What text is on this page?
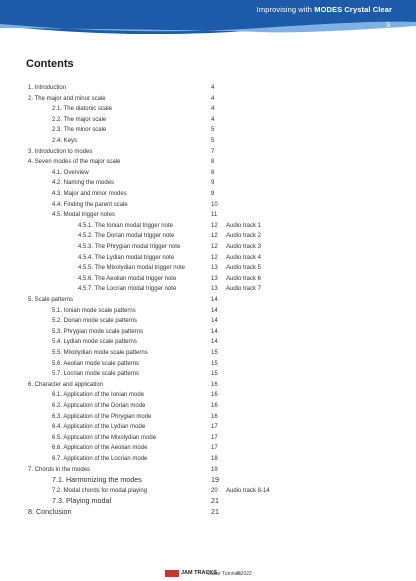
Improvising with MODES Crystal Clear
3
Contents
1. Introduction	4
2. The major and minor scale	4
2.1. The diatonic scale	4
2.2. The major scale	4
2.3. The minor scale	5
2.4. Keys	5
3. Introduction to modes	7
4. Seven modes of the major scale	8
4.1. Overview	8
4.2. Naming the modes	9
4.3. Major and minor modes	9
4.4. Finding the parent scale	10
4.5. Modal trigger notes	11
4.5.1. The Ionian modal trigger note	12 Audio track 1
4.5.2. The Dorian modal trigger note	12 Audio track 2
4.5.3. The Phrygian modal trigger note	12 Audio track 3
4.5.4. The Lydian modal trigger note	12 Audio track 4
4.5.5. The Mixolydian modal trigger note	13 Audio track 5
4.5.6. The Aeolian modal trigger note	13 Audio track 6
4.5.7. The Locrian modal trigger note	13 Audio track 7
5. Scale patterns	14
5.1. Ionian mode scale patterns	14
5.2. Dorian mode scale patterns	14
5.3. Phrygian mode scale patterns	14
5.4. Lydian mode scale patterns	14
5.5. Mixolydian mode scale patterns	15
5.6. Aeolian mode scale patterns	15
5.7. Locrian mode scale patterns	15
6. Character and application	16
6.1. Application of the Ionian mode	16
6.2. Application of the Dorian mode	16
6.3. Application of the Phrygian mode	16
6.4. Application of the Lydian mode	17
6.5. Application of the Mixolydian mode	17
6.6. Application of the Aeolian mode	17
6.7. Application of the Locrian mode	18
7. Chords in the modes	19
7.1. Harmonizing the modes	19
7.2. Modal chords for modal playing	20 Audio track 8-14
7.3. Playing modal	21
8. Conclusion	21
JAM TRACKS
Guitar Tutorials
©2022
